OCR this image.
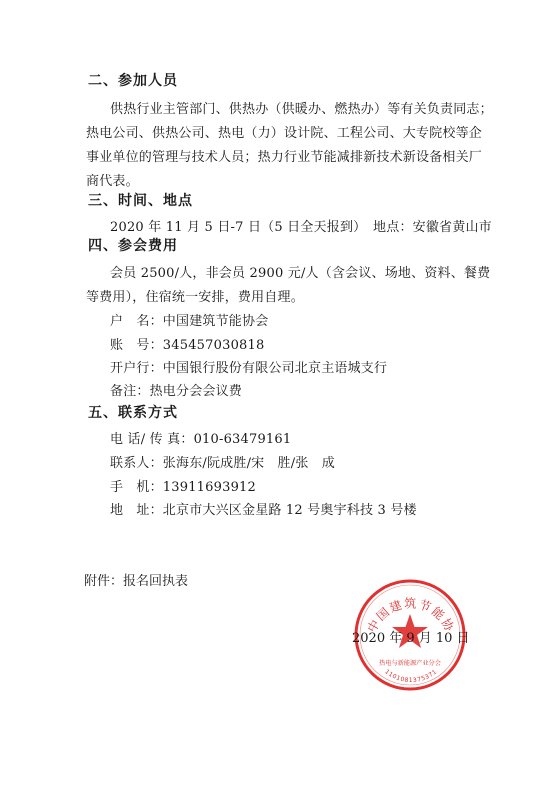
二、参加人员
供热行业主管部门、供热办（供暖办、燃热办）等有关负责同志；
热电公司、供热公司、热电（力）设计院、工程公司、大专院校等企
事业单位的管理与技术人员；热力行业节能减排新技术新设备相关厂
商代表。
三、时间、地点
2020 年 11 月 5 日-7 日（5 日全天报到）　地点：安徽省黄山市
四、参会费用
会员 2500/人，非会员 2900 元/人（含会议、场地、资料、餐费
等费用），住宿统一安排，费用自理。
户　名：中国建筑节能协会
账　号：345457030818
开户行：中国银行股份有限公司北京主语城支行
备注：热电分会会议费
五、联系方式
电 话/ 传 真：010-63479161
联系人：张海东/阮成胜/宋　胜/张　成
手　机：13911693912
地　址：北京市大兴区金星路 12 号奥宇科技 3 号楼
附件：报名回执表
中国建筑节能协
热电与新能源产业分会
1101081375371
2020 年 9 月 10 日
